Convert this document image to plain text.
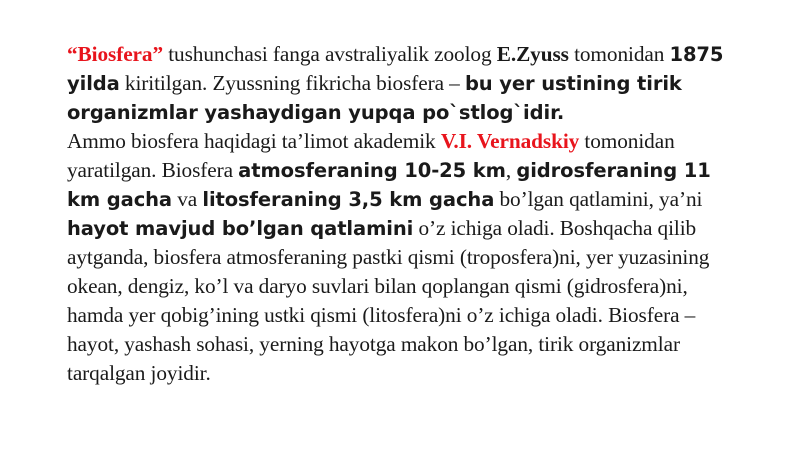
“Biosfera” tushunchasi fanga avstraliyalik zoolog E.Zyuss tomonidan 1875 yilda kiritilgan. Zyussning fikricha biosfera – bu yer ustining tirik organizmlar yashaydigan yupqa po`stlog`idir.

Ammo biosfera haqidagi ta’limot akademik V.I. Vernadskiy tomonidan yaratilgan. Biosfera atmosferaning 10-25 km, gidrosferaning 11 km gacha va litosferaning 3,5 km gacha bo’lgan qatlamini, ya’ni hayot mavjud bo’lgan qatlamini o’z ichiga oladi. Boshqacha qilib aytganda, biosfera atmosferaning pastki qismi (troposfera)ni, yer yuzasining okean, dengiz, ko’l va daryo suvlari bilan qoplangan qismi (gidrosfera)ni, hamda yer qobig’ining ustki qismi (litosfera)ni o’z ichiga oladi. Biosfera – hayot, yashash sohasi, yerning hayotga makon bo’lgan, tirik organizmlar tarqalgan joyidir.
